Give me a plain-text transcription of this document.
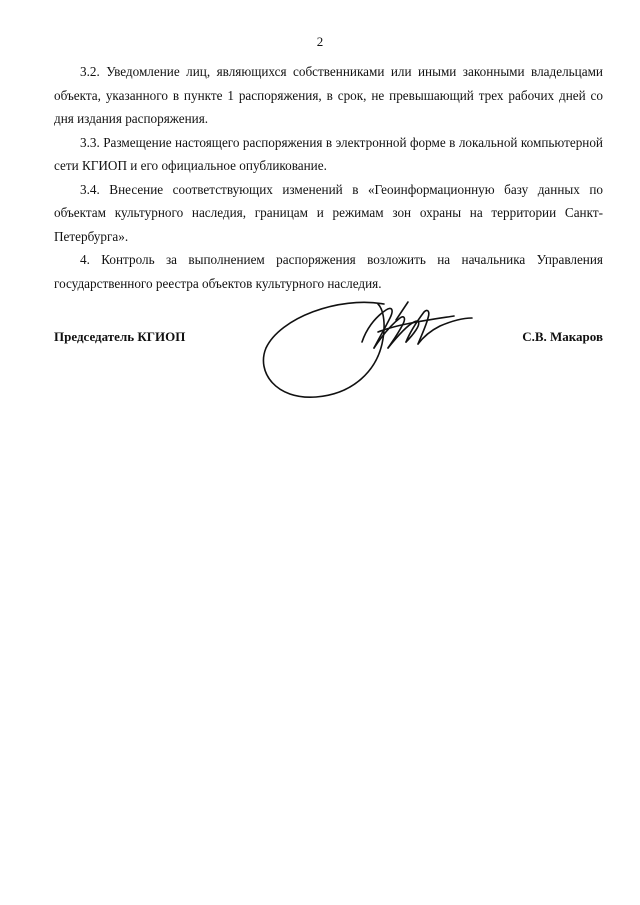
2

3.2. Уведомление лиц, являющихся собственниками или иными законными владельцами объекта, указанного в пункте 1 распоряжения, в срок, не превышающий трех рабочих дней со дня издания распоряжения.

3.3. Размещение настоящего распоряжения в электронной форме в локальной компьютерной сети КГИОП и его официальное опубликование.

3.4. Внесение соответствующих изменений в «Геоинформационную базу данных по объектам культурного наследия, границам и режимам зон охраны на территории Санкт-Петербурга».

4. Контроль за выполнением распоряжения возложить на начальника Управления государственного реестра объектов культурного наследия.

Председатель КГИОП	С.В. Макаров
